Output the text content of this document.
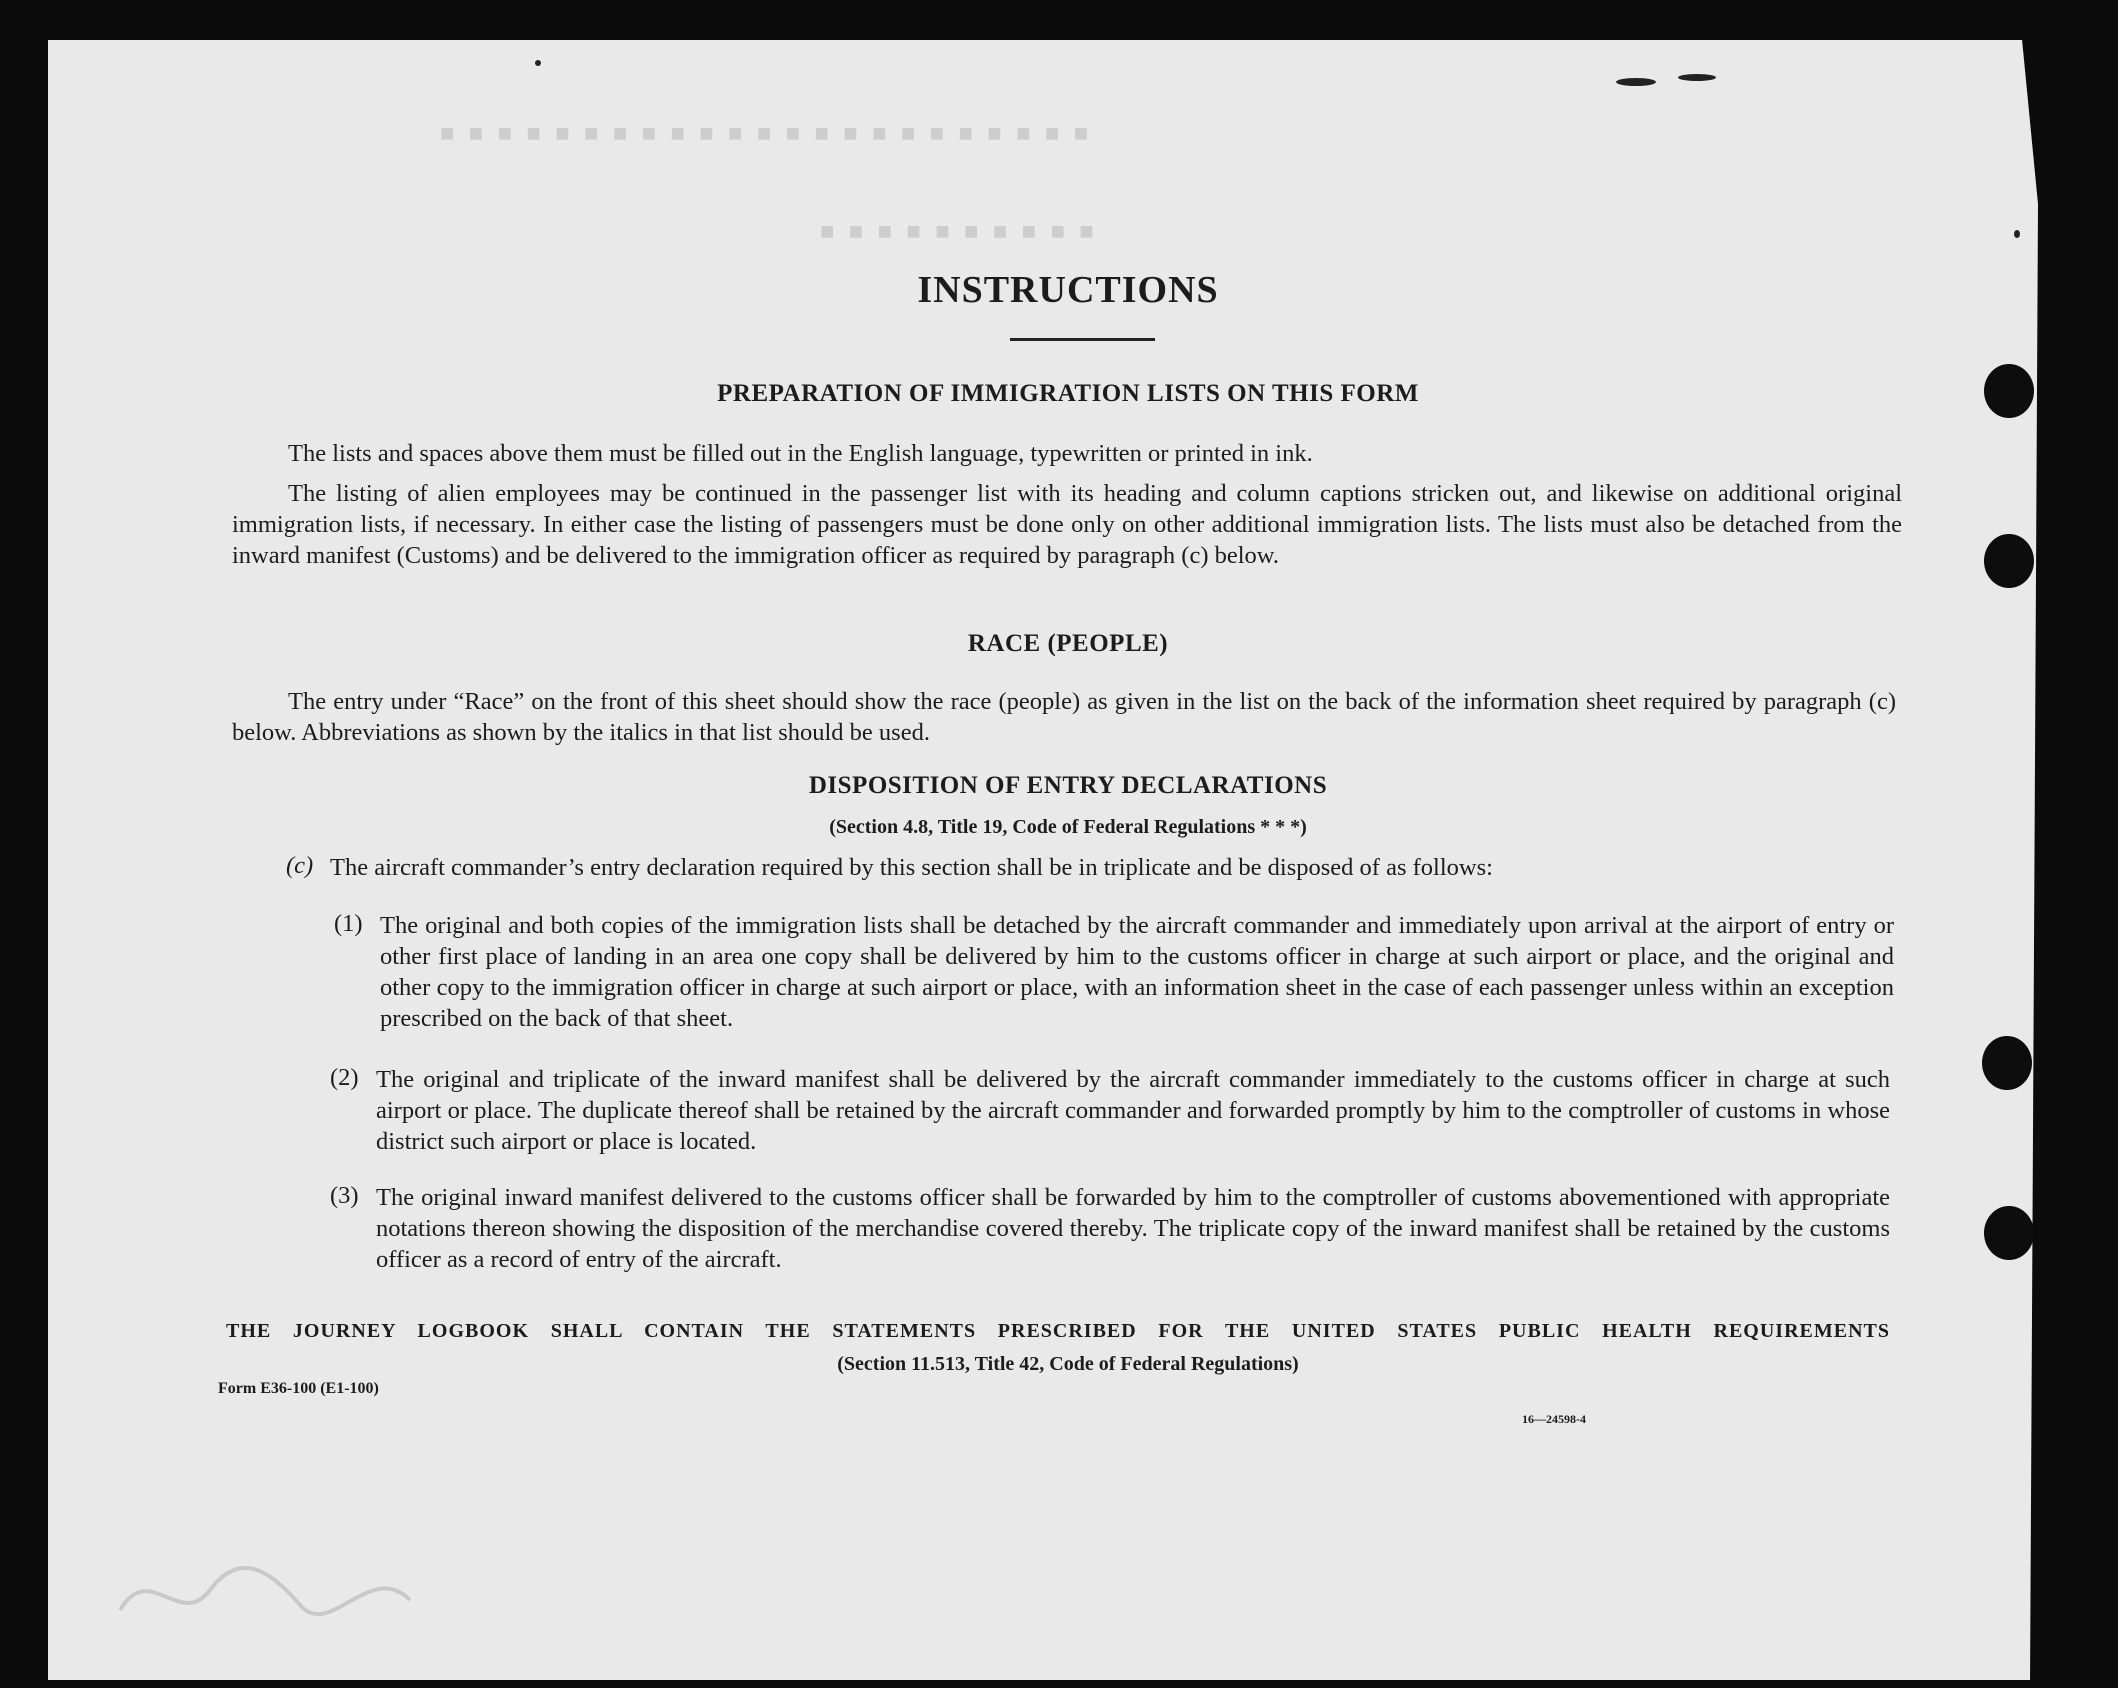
■ ■ ■ ■ ■ ■ ■ ■ ■ ■ ■ ■ ■ ■ ■ ■ ■ ■ ■ ■ ■ ■ ■
■ ■ ■ ■ ■ ■ ■ ■ ■ ■
INSTRUCTIONS
PREPARATION OF IMMIGRATION LISTS ON THIS FORM
The lists and spaces above them must be filled out in the English language, typewritten or printed in ink.
The listing of alien employees may be continued in the passenger list with its heading and column captions stricken out, and likewise on additional original immigration lists, if necessary. In either case the listing of passengers must be done only on other additional immigration lists. The lists must also be detached from the inward manifest (Customs) and be delivered to the immigration officer as required by paragraph (c) below.
RACE (PEOPLE)
The entry under “Race” on the front of this sheet should show the race (people) as given in the list on the back of the information sheet required by paragraph (c) below. Abbreviations as shown by the italics in that list should be used.
DISPOSITION OF ENTRY DECLARATIONS
(Section 4.8, Title 19, Code of Federal Regulations * * *)
(c) The aircraft commander’s entry declaration required by this section shall be in triplicate and be disposed of as follows:
(1) The original and both copies of the immigration lists shall be detached by the aircraft commander and immediately upon arrival at the airport of entry or other first place of landing in an area one copy shall be delivered by him to the customs officer in charge at such airport or place, and the original and other copy to the immigration officer in charge at such airport or place, with an information sheet in the case of each passenger unless within an exception prescribed on the back of that sheet.
(2) The original and triplicate of the inward manifest shall be delivered by the aircraft commander immediately to the customs officer in charge at such airport or place. The duplicate thereof shall be retained by the aircraft commander and forwarded promptly by him to the comptroller of customs in whose district such airport or place is located.
(3) The original inward manifest delivered to the customs officer shall be forwarded by him to the comptroller of customs abovementioned with appropriate notations thereon showing the disposition of the merchandise covered thereby. The triplicate copy of the inward manifest shall be retained by the customs officer as a record of entry of the aircraft.
THE JOURNEY LOGBOOK SHALL CONTAIN THE STATEMENTS PRESCRIBED FOR THE UNITED STATES PUBLIC HEALTH REQUIREMENTS
(Section 11.513, Title 42, Code of Federal Regulations)
Form E36-100 (E1-100)
16—24598-4
